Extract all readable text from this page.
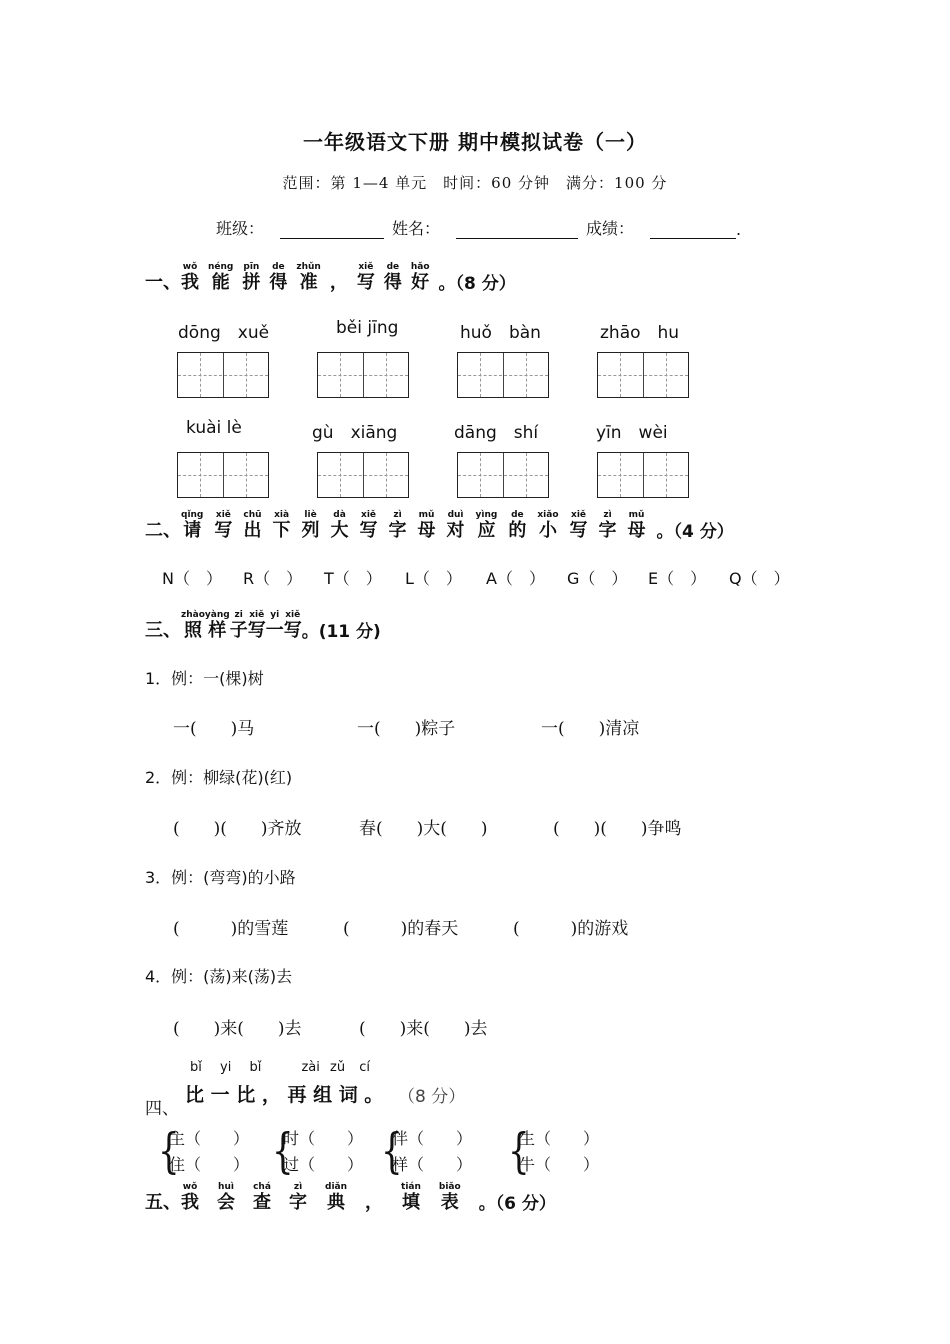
一年级语文下册 期中模拟试卷（一）
范围：第 1—4 单元　时间：60 分钟　满分：100 分
班级：	姓名：	成绩：	.
一、
wǒ
我
néng
能
pīn
拼
de
得
zhǔn
准 ，
xiě
写
de
得
hǎo
好 。（8 分）
dōng　xuě	běi jīng	huǒ　bàn	zhāo　hu
kuài lè	gù　xiāng	dāng　shí	yīn　wèi
二、
qǐng
请
xiě
写
chū
出
xià
下
liè
列
dà
大
xiě
写
zì
字
mǔ
母
duì
对
yìng
应
de
的
xiǎo
小
xiě
写
zì
字
mǔ
母 。（4 分）
N（　）	R（　）	T（　）	L（　）	A（　）	G（　）	E（　）	Q（　）
三、
zhào
照
yàng
样
zi
子
xiě
写
yi
一
xiě
写 。(11 分)
1．例：一(棵)树
一(　　)马	一(　　)粽子	一(　　)清凉
2．例：柳绿(花)(红)
(　　)(　　)齐放	春(　　)大(　　)	(　　)(　　)争鸣
3．例：(弯弯)的小路
(　　　)的雪莲	(　　　)的春天	(　　　)的游戏
4．例：(荡)来(荡)去
(　　)来(　　)去	(　　)来(　　)去
bǐ yi bǐ	zài zǔ cí
四、
比 一 比 ， 再 组 词 。 （8 分）
{
主（　　）
住（　　） {
时（　　）
过（　　） {
伴（　　）
样（　　） {
生（　　）
牛（　　）
五、
wǒ
我
huì
会
chá
查
zì
字
diǎn
典 ，
tián
填
biǎo
表 。（6 分）
